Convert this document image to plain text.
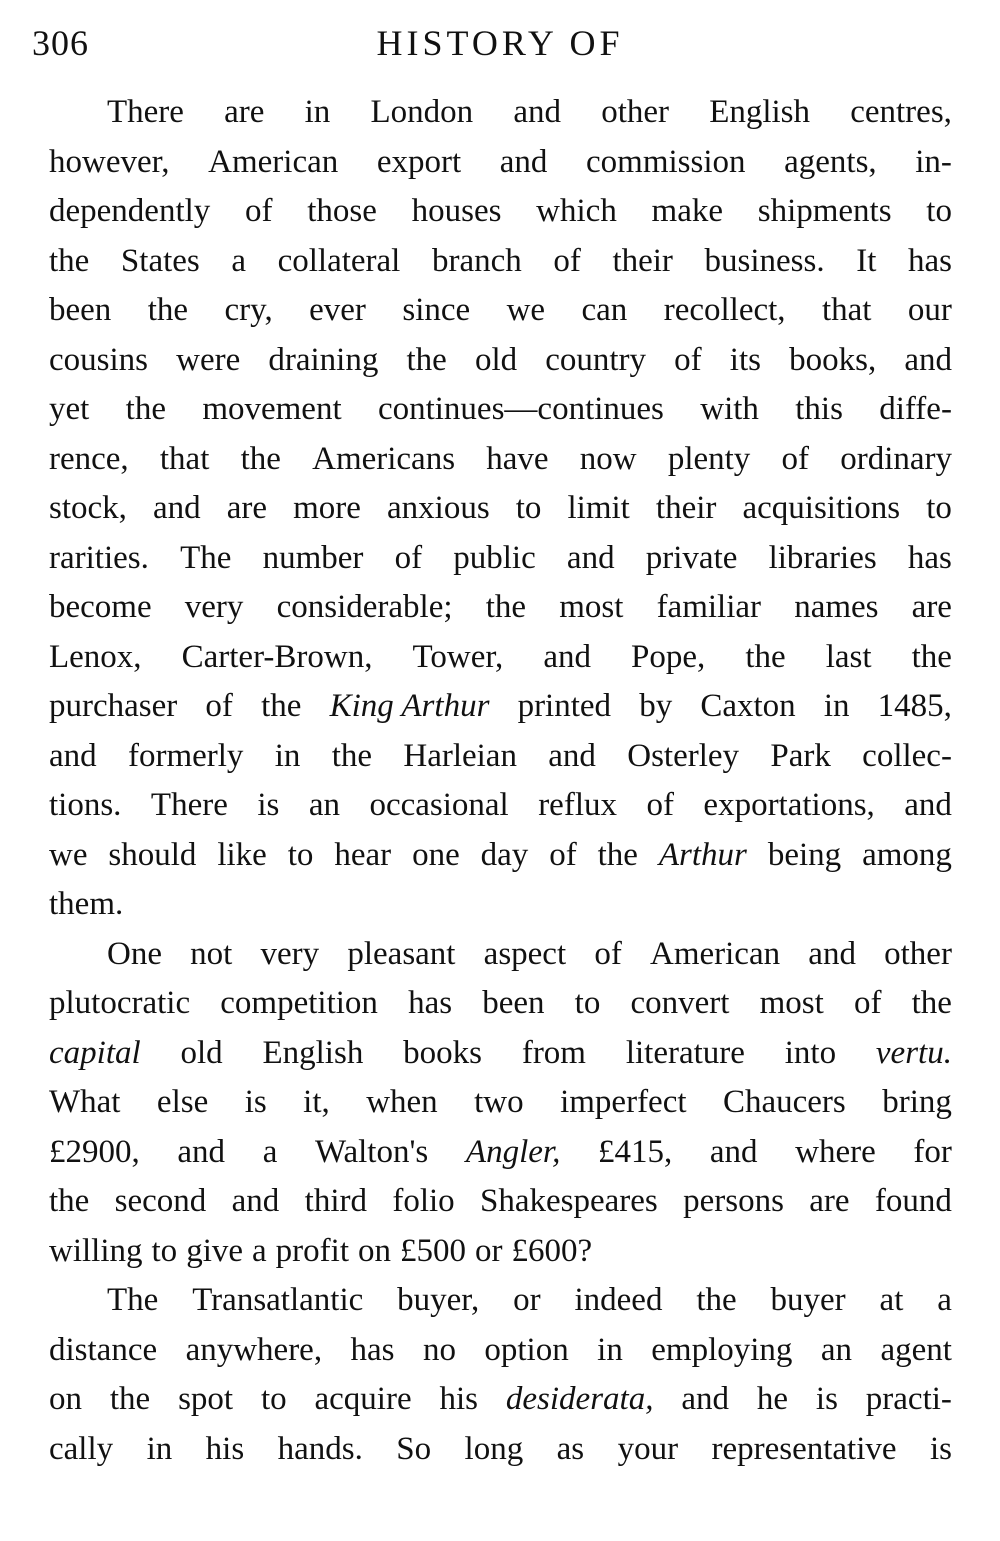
306	HISTORY OF
There are in London and other English centres,
however, American export and commission agents, in-
dependently of those houses which make shipments to
the States a collateral branch of their business. It has
been the cry, ever since we can recollect, that our
cousins were draining the old country of its books, and
yet the movement continues—continues with this diffe-
rence, that the Americans have now plenty of ordinary
stock, and are more anxious to limit their acquisitions to
rarities. The number of public and private libraries has
become very considerable; the most familiar names are
Lenox, Carter-Brown, Tower, and Pope, the last the
purchaser of the King Arthur printed by Caxton in 1485,
and formerly in the Harleian and Osterley Park collec-
tions. There is an occasional reflux of exportations, and
we should like to hear one day of the Arthur being among
them.
One not very pleasant aspect of American and other
plutocratic competition has been to convert most of the
capital old English books from literature into vertu.
What else is it, when two imperfect Chaucers bring
£2900, and a Walton's Angler, £415, and where for
the second and third folio Shakespeares persons are found
willing to give a profit on £500 or £600?
The Transatlantic buyer, or indeed the buyer at a
distance anywhere, has no option in employing an agent
on the spot to acquire his desiderata, and he is practi-
cally in his hands. So long as your representative is
